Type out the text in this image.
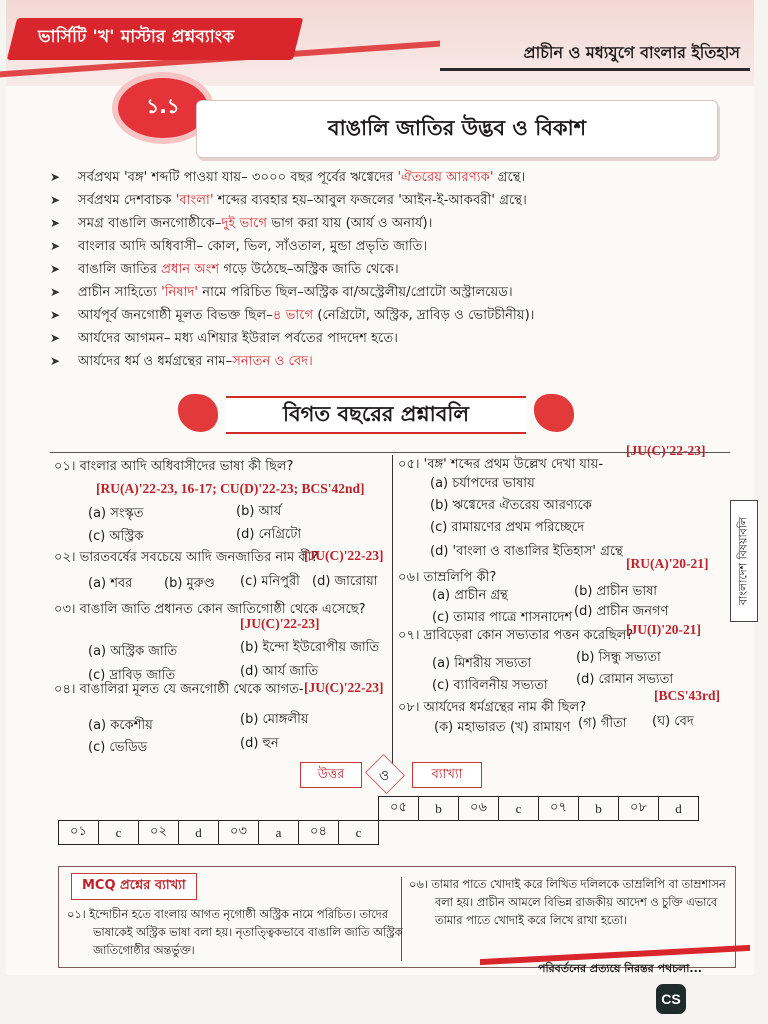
ভার্সিটি 'খ' মাস্টার প্রশ্নব্যাংক
প্রাচীন ও মধ্যযুগে বাংলার ইতিহাস
১.১
বাঙালি জাতির উদ্ভব ও বিকাশ
➤ সর্বপ্রথম 'বঙ্গ' শব্দটি পাওয়া যায়– ৩০০০ বছর পূর্বের ঋগ্বেদের 'ঐতরেয় আরণ্যক' গ্রন্থে।
➤ সর্বপ্রথম দেশবাচক 'বাংলা' শব্দের ব্যবহার হয়–আবুল ফজলের 'আইন-ই-আকবরী' গ্রন্থে।
➤ সমগ্র বাঙালি জনগোষ্ঠীকে–দুই ভাগে ভাগ করা যায় (আর্য ও অনার্য)।
➤ বাংলার আদি অধিবাসী– কোল, ভিল, সাঁওতাল, মুন্ডা প্রভৃতি জাতি।
➤ বাঙালি জাতির প্রধান অংশ গড়ে উঠেছে–অস্ট্রিক জাতি থেকে।
➤ প্রাচীন সাহিত্যে 'নিষাদ' নামে পরিচিত ছিল–অস্ট্রিক বা/অস্ট্রেলীয়/প্রোটো অস্ট্রালয়েড।
➤ আর্যপূর্ব জনগোষ্ঠী মূলত বিভক্ত ছিল–৪ ভাগে (নেগ্রিটো, অস্ট্রিক, দ্রাবিড় ও ভোটচীনীয়)।
➤ আর্যদের আগমন– মধ্য এশিয়ার ইউরাল পর্বতের পাদদেশ হতে।
➤ আর্যদের ধর্ম ও ধর্মগ্রন্থের নাম–সনাতন ও বেদ।
বিগত বছরের প্রশ্নাবলি
০১। বাংলার আদি অধিবাসীদের ভাষা কী ছিল?
[RU(A)'22-23, 16-17; CU(D)'22-23; BCS'42nd]
(a) সংস্কৃত	(b) আর্য
(c) অস্ট্রিক	(d) নেগ্রিটো
০২। ভারতবর্ষের সবচেয়ে আদি জনজাতির নাম কী?
[JU(C)'22-23]
(a) শবর (b) মুরুণ্ড (c) মনিপুরী (d) জারোয়া
০৩। বাঙালি জাতি প্রধানত কোন জাতিগোষ্ঠী থেকে এসেছে?
[JU(C)'22-23]
(a) অস্ট্রিক জাতি	(b) ইন্দো ইউরোপীয় জাতি
(c) দ্রাবিড় জাতি	(d) আর্য জাতি
০৪। বাঙালিরা মূলত যে জনগোষ্ঠী থেকে আগত- [JU(C)'22-23]
(a) ককেশীয়	(b) মোঙ্গলীয়
(c) ভেডিড	(d) হুন
০৫। 'বঙ্গ' শব্দের প্রথম উল্লেখ দেখা যায়-
[JU(C)'22-23]
(a) চর্যাপদের ভাষায়
(b) ঋগ্বেদের ঐতরেয় আরণ্যকে
(c) রামায়ণের প্রথম পরিচ্ছেদে
(d) 'বাংলা ও বাঙালির ইতিহাস' গ্রন্থে
০৬। তাম্রলিপি কী?
[RU(A)'20-21]
(a) প্রাচীন গ্রন্থ	(b) প্রাচীন ভাষা
(c) তামার পাত্রে শাসনাদেশ (d) প্রাচীন জনগণ
০৭। দ্রাবিড়েরা কোন সভ্যতার পত্তন করেছিল?
[JU(I)'20-21]
(a) মিশরীয় সভ্যতা	(b) সিন্ধু সভ্যতা
(c) ব্যাবিলনীয় সভ্যতা (d) রোমান সভ্যতা
০৮। আর্যদের ধর্মগ্রন্থের নাম কী ছিল?
[BCS'43rd]
(ক) মহাভারত (খ) রামায়ণ (গ) গীতা (ঘ) বেদ
বাংলাদেশ বিষয়াবলি
উত্তর	ও	ব্যাখ্যা
								০৫	b	০৬	c	০৭	b	০৮	d
০১	c	০২	d	০৩	a	০৪	c								
MCQ প্রশ্নের ব্যাখ্যা
০১। ইন্দোচীন হতে বাংলায় আগত নৃগোষ্ঠী অস্ট্রিক নামে পরিচিত। তাদের
ভাষাকেই অস্ট্রিক ভাষা বলা হয়। নৃতাত্ত্বিকভাবে বাঙালি জাতি অস্ট্রিক
জাতিগোষ্ঠীর অন্তর্ভুক্ত।
০৬। তামার পাতে খোদাই করে লিখিত দলিলকে তাম্রলিপি বা তাম্রশাসন
বলা হয়। প্রাচীন আমলে বিভিন্ন রাজকীয় আদেশ ও চুক্তি এভাবে
তামার পাতে খোদাই করে লিখে রাখা হতো।
পরিবর্তনের প্রত্যয়ে নিরন্তর পথচলা...
CS
